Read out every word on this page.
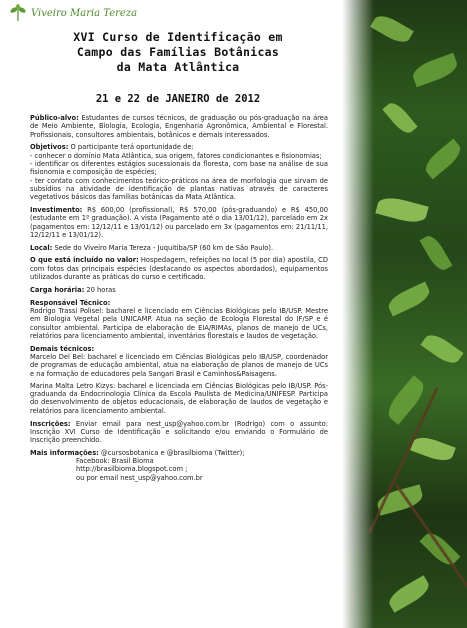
Viveiro Maria Tereza
XVI Curso de Identificação em
Campo das Famílias Botânicas
da Mata Atlântica
21 e 22 de JANEIRO de 2012

Público-alvo: Estudantes de cursos técnicos, de graduação ou pós-graduação na área de Meio Ambiente, Biologia, Ecologia, Engenharia Agronômica, Ambiental e Florestal. Profissionais, consultores ambientais, botânicos e demais interessados.

Objetivos: O participante terá oportunidade de:
- conhecer o domínio Mata Atlântica, sua origem, fatores condicionantes e fisionomias;
- identificar os diferentes estágios sucessionais da floresta, com base na análise de sua fisionomia e composição de espécies;
- ter contato com conhecimentos teórico-práticos na área de morfologia que sirvam de subsídios na atividade de identificação de plantas nativas através de caracteres vegetativos básicos das famílias botânicas da Mata Atlântica.

Investimento: R$ 600,00 (profissional), R$ 570,00 (pós-graduando) e R$ 450,00 (estudante em 1º graduação). A vista (Pagamento até o dia 13/01/12), parcelado em 2x (pagamentos em: 12/12/11 e 13/01/12) ou parcelado em 3x (pagamentos em: 21/11/11, 12/12/11 e 13/01/12).

Local: Sede do Viveiro Maria Tereza - Juquitiba/SP (60 km de São Paulo).

O que está incluído no valor: Hospedagem, refeições no local (5 por dia) apostila, CD com fotos das principais espécies (destacando os aspectos abordados), equipamentos utilizados durante as práticas do curso e certificado.

Carga horária: 20 horas

Responsável Técnico:
Rodrigo Trassi Polisel: bacharel e licenciado em Ciências Biológicas pelo IB/USP. Mestre em Biologia Vegetal pela UNICAMP. Atua na seção de Ecologia Florestal do IF/SP e é consultor ambiental. Participa de elaboração de EIA/RIMAs, planos de manejo de UCs, relatórios para licenciamento ambiental, inventários florestais e laudos de vegetação.
Demais técnicos:
Marcelo Del Bel: bacharel e licenciado em Ciências Biológicas pelo IB/USP, coordenador de programas de educação ambiental, atua na elaboração de planos de manejo de UCs e na formação de educadores pela Sangari Brasil e Caminhos&Paisagens.
Marina Malta Letro Kizys: bacharel e licenciada em Ciências Biológicas pelo IB/USP. Pós-graduanda da Endocrinologia Clínica da Escola Paulista de Medicina/UNIFESP. Participa do desenvolvimento de objetos educacionais, de elaboração de laudos de vegetação e relatórios para licenciamento ambiental.

Inscrições: Enviar email para nest_usp@yahoo.com.br (Rodrigo) com o assunto: Inscrição XVI Curso de Identificação e solicitando e/ou enviando o Formulário de Inscrição preenchido.

Mais informações: @cursosbotanica e @brasilbioma (Twitter);
Facebook: Brasil Bioma
http://brasilbioma.blogspot.com ;
ou por email nest_usp@yahoo.com.br
